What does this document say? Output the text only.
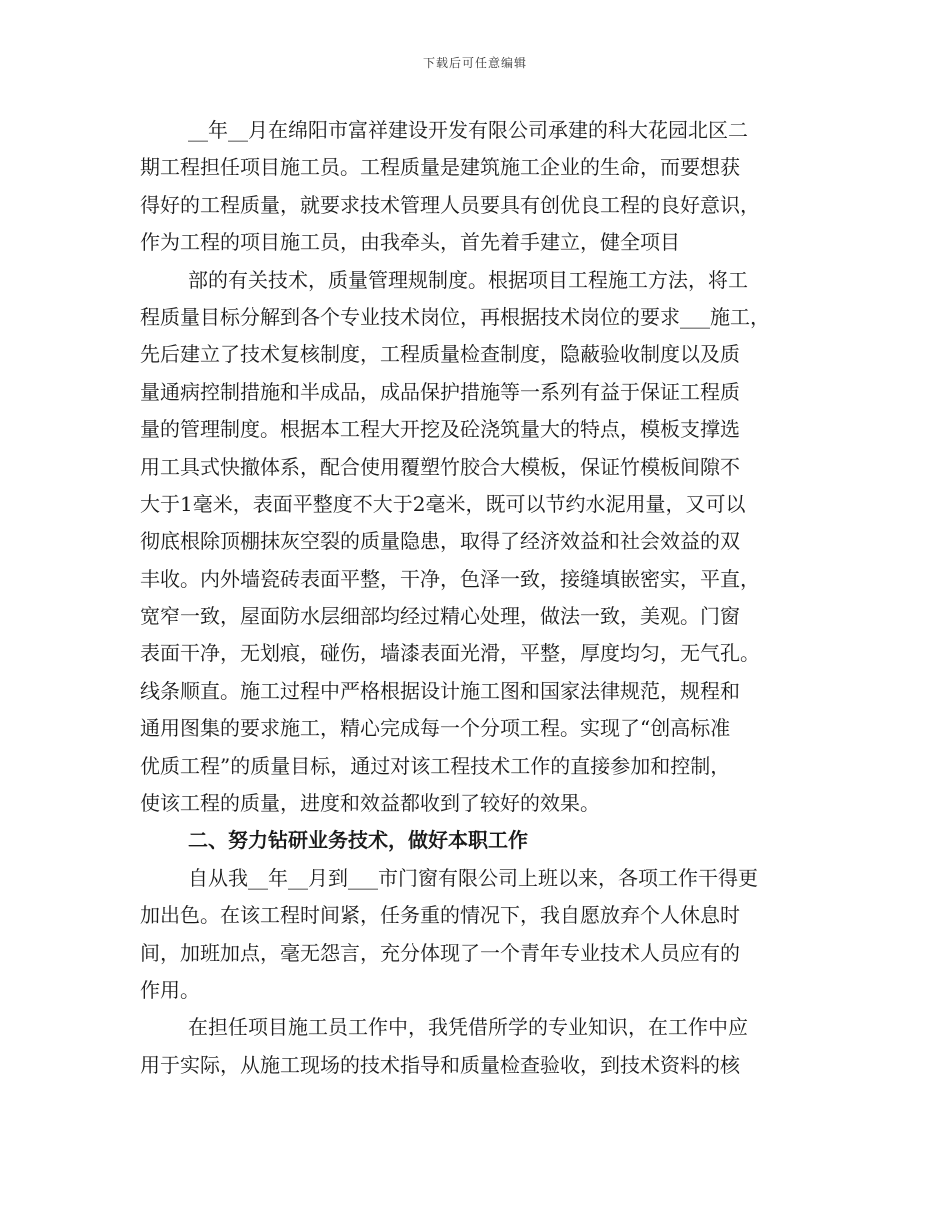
下载后可任意编辑
__年__月在绵阳市富祥建设开发有限公司承建的科大花园北区二
期工程担任项目施工员。工程质量是建筑施工企业的生命，而要想获
得好的工程质量，就要求技术管理人员要具有创优良工程的良好意识，
作为工程的项目施工员，由我牵头，首先着手建立，健全项目
部的有关技术，质量管理规制度。根据项目工程施工方法，将工
程质量目标分解到各个专业技术岗位，再根据技术岗位的要求___施工，
先后建立了技术复核制度，工程质量检查制度，隐蔽验收制度以及质
量通病控制措施和半成品，成品保护措施等一系列有益于保证工程质
量的管理制度。根据本工程大开挖及砼浇筑量大的特点，模板支撑选
用工具式快撤体系，配合使用覆塑竹胶合大模板，保证竹模板间隙不
大于1毫米，表面平整度不大于2毫米，既可以节约水泥用量，又可以
彻底根除顶棚抹灰空裂的质量隐患，取得了经济效益和社会效益的双
丰收。内外墙瓷砖表面平整，干净，色泽一致，接缝填嵌密实，平直，
宽窄一致，屋面防水层细部均经过精心处理，做法一致，美观。门窗
表面干净，无划痕，碰伤，墙漆表面光滑，平整，厚度均匀，无气孔。
线条顺直。施工过程中严格根据设计施工图和国家法律规范，规程和
通用图集的要求施工，精心完成每一个分项工程。实现了“创高标准
优质工程”的质量目标，通过对该工程技术工作的直接参加和控制，
使该工程的质量，进度和效益都收到了较好的效果。
二、努力钻研业务技术，做好本职工作
自从我__年__月到___市门窗有限公司上班以来，各项工作干得更
加出色。在该工程时间紧，任务重的情况下，我自愿放弃个人休息时
间，加班加点，毫无怨言，充分体现了一个青年专业技术人员应有的
作用。
在担任项目施工员工作中，我凭借所学的专业知识，在工作中应
用于实际，从施工现场的技术指导和质量检查验收，到技术资料的核
